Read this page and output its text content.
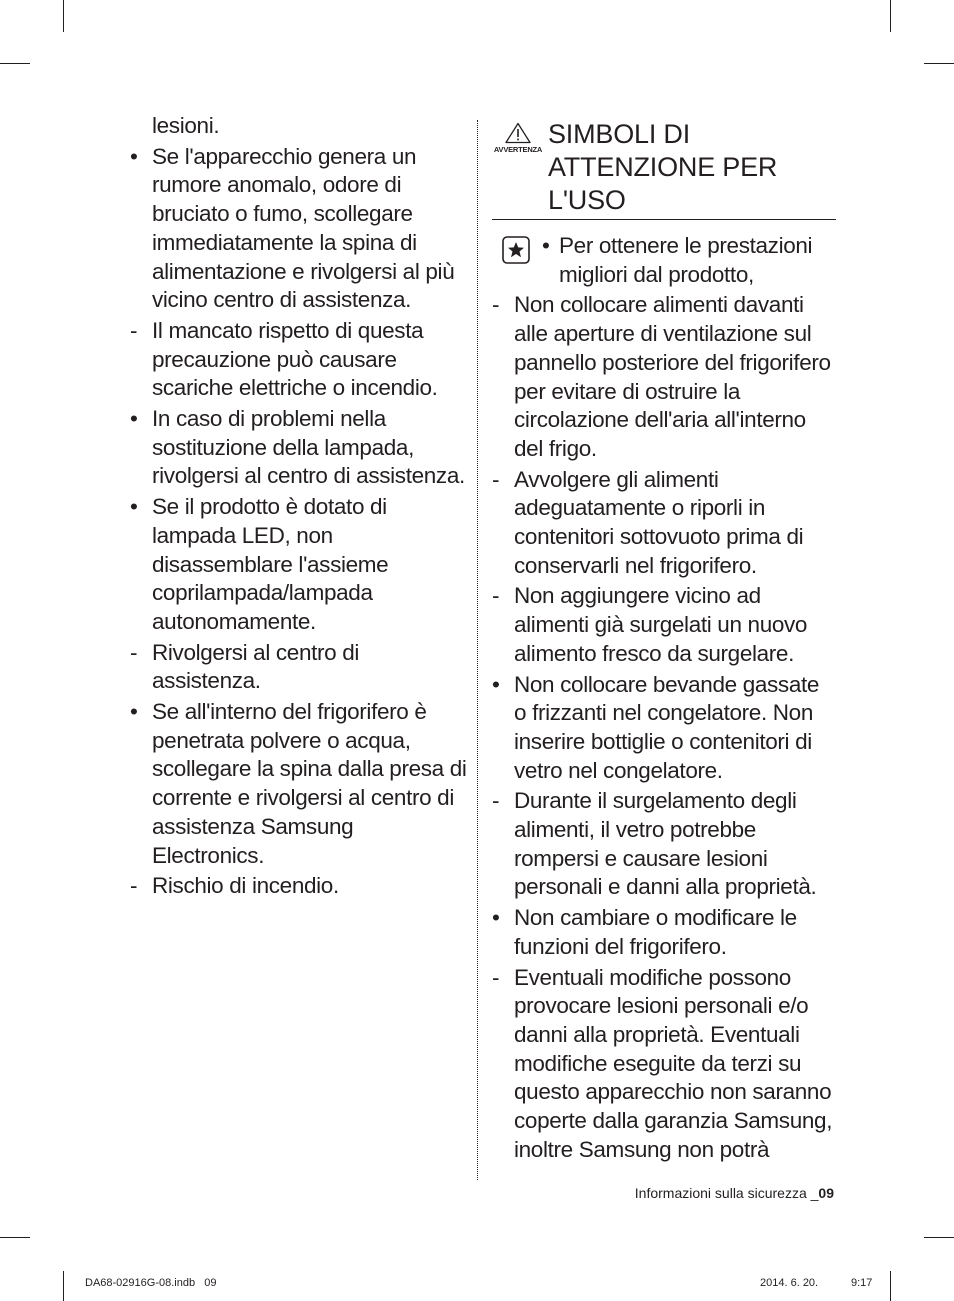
lesioni.
• Se l'apparecchio genera un rumore anomalo, odore di bruciato o fumo, scollegare immediatamente la spina di alimentazione e rivolgersi al più vicino centro di assistenza.
- Il mancato rispetto di questa precauzione può causare scariche elettriche o incendio.
• In caso di problemi nella sostituzione della lampada, rivolgersi al centro di assistenza.
• Se il prodotto è dotato di lampada LED, non disassemblare l'assieme coprilampada/lampada autonomamente.
- Rivolgersi al centro di assistenza.
• Se all'interno del frigorifero è penetrata polvere o acqua, scollegare la spina dalla presa di corrente e rivolgersi al centro di assistenza Samsung Electronics.
- Rischio di incendio.
AVVERTENZA
SIMBOLI DI ATTENZIONE PER L'USO
• Per ottenere le prestazioni migliori dal prodotto,
- Non collocare alimenti davanti alle aperture di ventilazione sul pannello posteriore del frigorifero per evitare di ostruire la circolazione dell'aria all'interno del frigo.
- Avvolgere gli alimenti adeguatamente o riporli in contenitori sottovuoto prima di conservarli nel frigorifero.
- Non aggiungere vicino ad alimenti già surgelati un nuovo alimento fresco da surgelare.
• Non collocare bevande gassate o frizzanti nel congelatore. Non inserire bottiglie o contenitori di vetro nel congelatore.
- Durante il surgelamento degli alimenti, il vetro potrebbe rompersi e causare lesioni personali e danni alla proprietà.
• Non cambiare o modificare le funzioni del frigorifero.
- Eventuali modifiche possono provocare lesioni personali e/o danni alla proprietà. Eventuali modifiche eseguite da terzi su questo apparecchio non saranno coperte dalla garanzia Samsung, inoltre Samsung non potrà
Informazioni sulla sicurezza _09
DA68-02916G-08.indb   09	2014. 6. 20.	9:17
